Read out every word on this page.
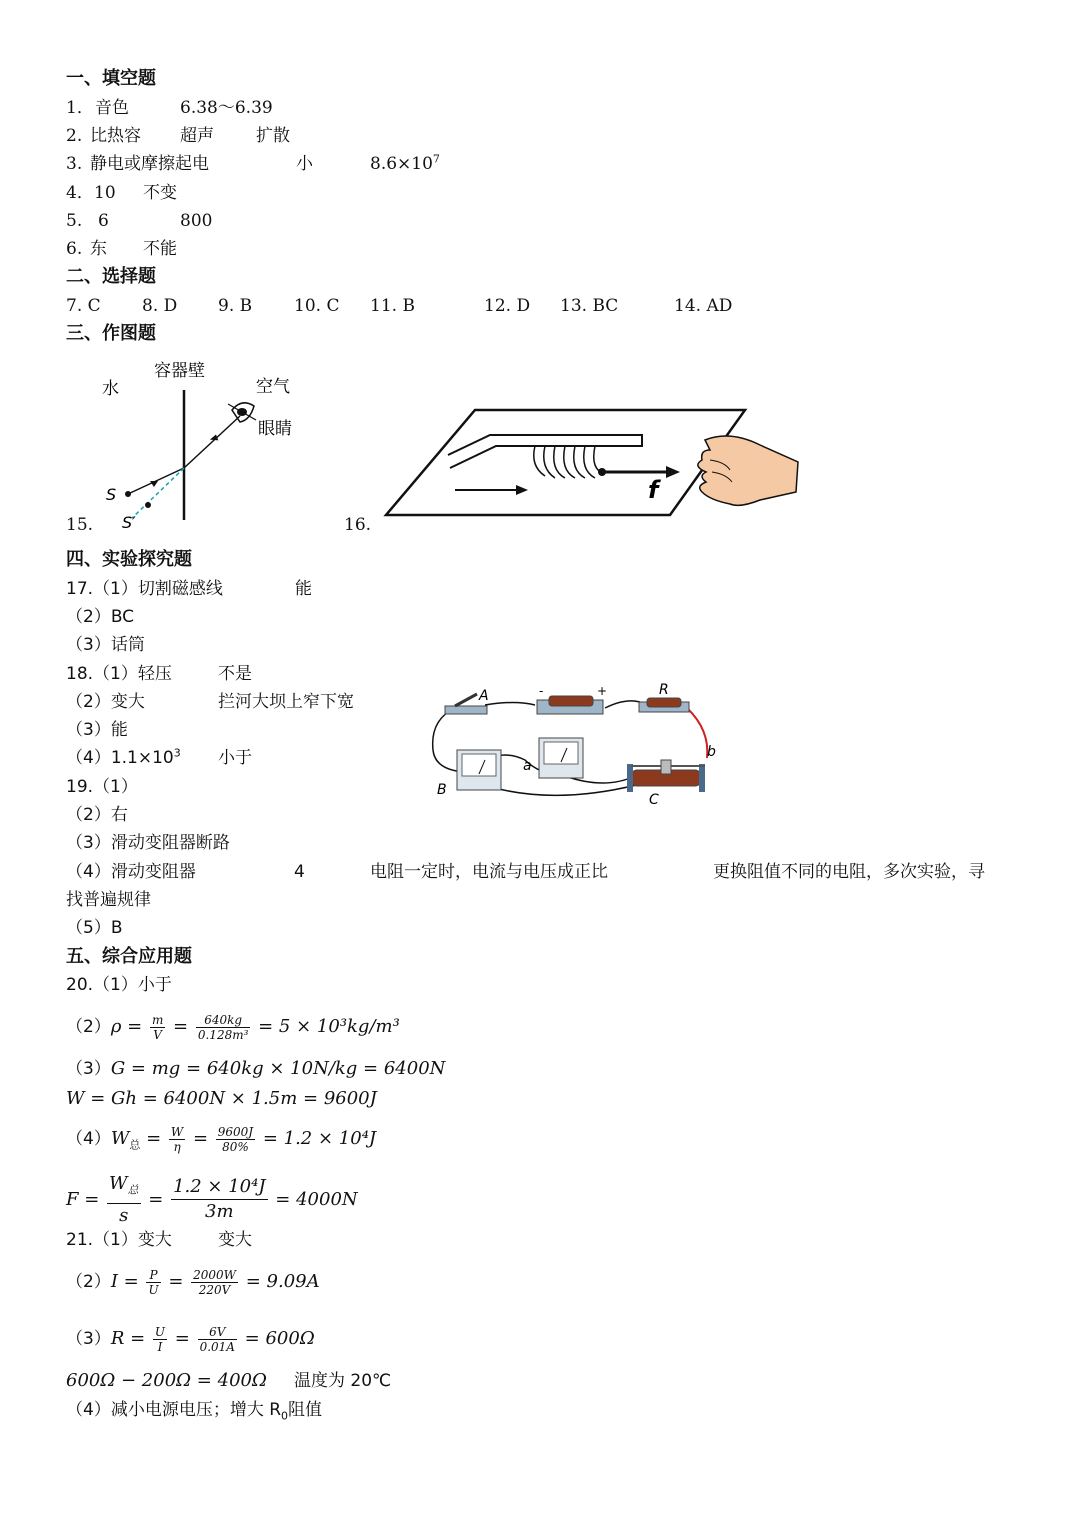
一、填空题
1． 音色	6.38～6.39
2. 比热容 超声 扩散
3. 静电或摩擦起电	小	$8.6\times 10^7$
4． 10 不变
5. 6	800
6. 东 不能
二、选择题
7. C 8. D 9. B 10. C 11. B	12. D 13. BC	14. AD
三、作图题
容器壁
水	空气
眼睛
S
S′
15.
f
16.
四、实验探究题
17.（1）切割磁感线	能
（2）BC
（3）话筒
18.（1）轻压	不是
（2）变大	拦河大坝上窄下宽
（3）能
$(4)1.1\times 10^3$ 小于
A	-	+	R
B
a
b
C
19.（1）
（2）右
（3）滑动变阻器断路
（4）滑动变阻器	4	电阻一定时，电流与电压成正比	更换阻值不同的电阻，多次实验，寻
找普遍规律
（5）B
五、综合应用题
20.（1）小于
$(2)\rho = \frac{m}{V} = \frac{640kg}{\text{0.128m³}} = 5 \times 10^3kg/m^3$
（3）G = mg = 640kg × 10N/kg = 6400N
W = Gh = 6400N × 1.5m = 9600J
$(4)W_总 = \frac{W}{\eta} = \frac{9600J}{80\%} = 1.2 \times 10^4J$
$F = \frac{W_总}{s} = \frac{\text{1.2 × 10⁴J}}{3m} = 4000N$
21.（1）变大	变大
$(2)I = \frac{P}{U} = \frac{2000W}{220V} = 9.09A$
$(3)R = \frac{U}{I} = \frac{6V}{0.01A} = 600\Omega$
600Ω − 200Ω = 400Ω 温度为 20℃
（4）减小电源电压；增大 $R_0$阻值
